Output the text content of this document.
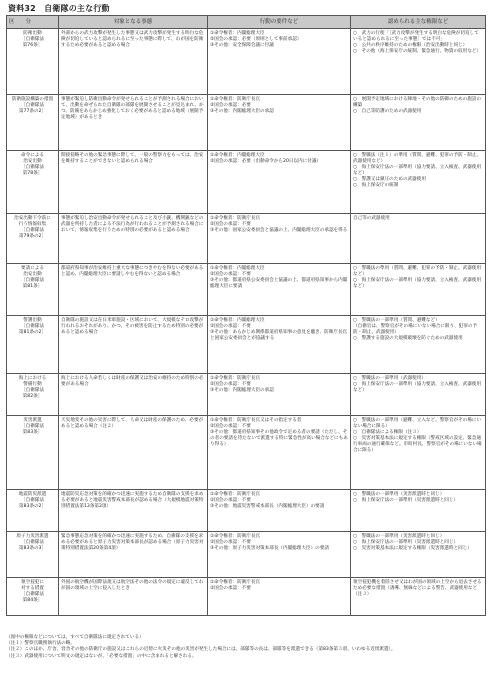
資料32　自衛隊の主な行動
区　　分	対象となる事態	行動の要件など	認められる主な権限など
防衛出動
［自衛隊法
第76条］	外部からの武力攻撃が発生した事態又は武力攻撃が発生する明白な危険が切迫していると認められるに至った事態に際して、わが国を防衛するため必要があると認める場合	①命令権者：内閣総理大臣
②国会の承認：必要（原則として事前承認）
③その他：安全保障会議に付議	○　武力の行使「［武力攻撃が発生する明白な危険が切迫していると認められるに至った事態］では不可」
○　公共の秩序維持のための権限（治安出動時と同じ）
○　その他（海上保安庁の統制、緊急通行、物資の収用など）
防衛施設構築の措置
［自衛隊法
第77条の2］	事態が緊迫し防衛出動命令が発せられることが予測される場合において、出動を命ぜられた自衛隊の部隊を展開させることが見込まれ、かつ、防備をあらかじめ強化しておく必要があると認める地域（展開予定地域）があるとき	①命令権者：防衛庁長官
②国会の承認：必要
③その他：内閣総理大臣の承認	○　展開予定地域における陣地・その他の防御のための施設の構築
○　自己等防護のための武器使用
命令による
治安出動
［自衛隊法
第78条］	間接侵略その他の緊急事態に際して、一般の警察力をもっては、治安を維持することができないと認められる場合	①命令権者：内閣総理大臣
②国会の承認：必要（出動命令から20日以内に付議）	○　警職法（注１）の準用（質問、避難、犯罪の予防・制止、武器使用など）
○　海上保安庁法の一部準用（協力要請、立入検査、武器使用など）
○　警護又は鎮圧のための武器使用
○　海上保安庁の統制
治安出動下令前に
行う情報収集
［自衛隊法
第79条の2］	事態が緊迫し治安出動命令が発せられること及び小銃、機関銃などの武器を所持した者による不法行為が行われることが予測される場合において、情報収集を行うための特別の必要があると認める場合	①命令権者：防衛庁長官
②国会の承認：不要
③その他：国家公安委員会と協議の上、内閣総理大臣の承認を得る	自己等の武器使用
要請による
治安出動
［自衛隊法
第81条］	都道府県知事が治安維持上重大な事態につきやむを得ない必要があると認め、内閣総理大臣に要請しやむを得ないと認める場合	①命令権者：内閣総理大臣
②国会の承認：不要
③その他：都道府県公安委員会と協議の上、都道府県知事から内閣総理大臣に要請	○　警職法の準用（質問、避難、犯罪の予防・制止、武器使用など）
○　海上保安庁法の一部準用（協力要請、立入検査、武器使用など）
警護出動
［自衛隊法
第81条の2］	自衛隊の施設又は在日米軍施設・区域において、大規模なテロ攻撃が行われるおそれがあり、かつ、その被害を防止するため特別の必要があると認める場合	①命令権者：内閣総理大臣
②国会の承認：不要
③その他：あらかじめ関係都道府県知事の意見を聴き、防衛庁長官と国家公安委員会とが協議する	○　警職法の一部準用（質問、避難など）
（自衛官は、警察官がその場にいない場合に限り、犯罪の予防・制止、武器使用）
○　警護する施設の大規模破壊を防ぐための武器使用
海上における
警備行動
［自衛隊法
第82条］	海上における人命若しくは財産の保護又は治安の維持のため特別の必要がある場合	①命令権者：防衛庁長官
②国会の承認：不要
③その他：内閣総理大臣の承認	○　警職法の一部準用（武器使用）
○　海上保安庁法の一部準用（協力要請、立入検査、武器使用など）
災害派遣
［自衛隊法
第83条］	天災地変その他の災害に際して、人命又は財産の保護のため、必要があると認める場合（注２）	①命令権者：防衛庁長官又はその指定する者
②国会の承認：不要
③その他：都道府県知事その他政令で定める者の要請（ただし、その者の要請を待たないで派遣する特に緊急性が高い場合などにもあり得る）	○　警職法の一部準用（避難、立入など。警察官がその場にいない場合に限る）
○　自衛隊法による権限（注３）
○　災害対策基本法に規定する権限（警戒区域の設定、緊急通行車両の通行確保など。市町村長、警察官がその場にいない場合に限る）
地震防災派遣
［自衛隊法
第83条の2］	地震防災応急対策を的確かつ迅速に実施するため自衛隊の支援を求める必要があると地震災害警戒本部長が認める場合（大規模地震対策特別措置法第13条第2項）	①命令権者：防衛庁長官
②国会の承認：不要
③その他：地震災害警戒本部長（内閣総理大臣）の要請	○　警職法の一部準用（災害派遣時と同じ）
○　海上保安庁法の一部準用（災害派遣時と同じ）
原子力災害派遣
［自衛隊法
第83条の3］	緊急事態応急対策を的確かつ迅速に実施するため、自衛隊の支援を求める必要があると原子力災害対策本部長が認める場合（原子力災害対策特別措置法第20条第4項）	①命令権者：防衛庁長官
②国会の承認：不要
③その他：原子力災害対策本部長（内閣総理大臣）の要請	○　警職法の一部準用（災害派遣時と同じ）
○　海上保安庁法の一部準用（災害派遣時と同じ）
○　災害対策基本法に規定する権限（災害派遣時と同じ）
領空侵犯に
対する措置
［自衛隊法
第84条］	外国の航空機が国際法規又は航空法その他の法令の規定に違反してわが国の領域の上空に侵入したとき	①命令権者：防衛庁長官
②国会の承認：不要	領空侵犯機を着陸させ又はわが国の領域の上空から退去させるため必要な措置（誘導、無線などによる警告、武器使用など（注３）
（図中の権限などについては、すべて自衛隊法に規定されている）
（注１）警察官職務執行法の略。
（注２）このほか、庁舎、営舎その他の防衛庁の施設又はこれらの近傍に火災その他の災害が発生した場合には、部隊等の長は、部隊等を派遣できる（第83条第３項、いわゆる近傍派遣）。
（注３）武器使用について明文の規定はないが、「必要な措置」の中に含まれると解される。
